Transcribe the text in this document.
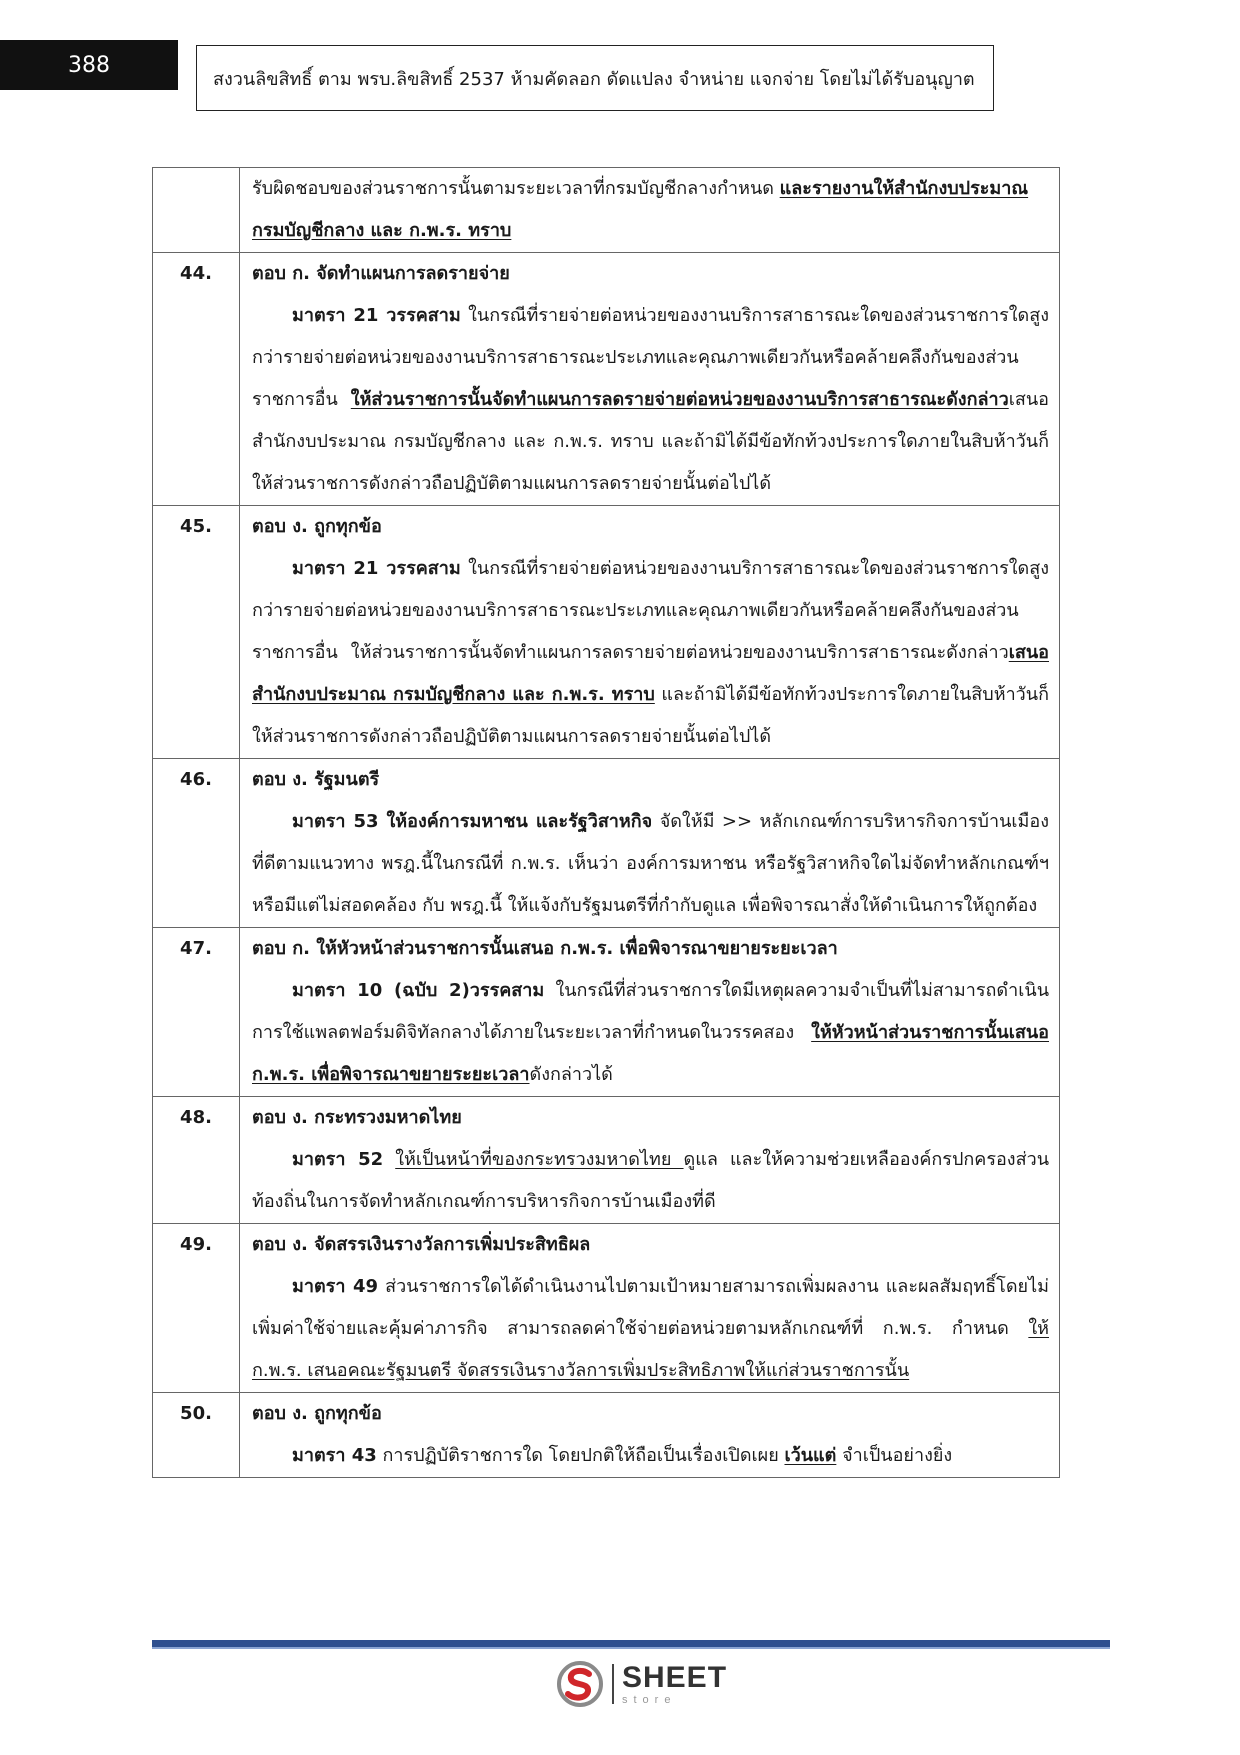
388
สงวนลิขสิทธิ์ ตาม พรบ.ลิขสิทธิ์ 2537 ห้ามคัดลอก ดัดแปลง จำหน่าย แจกจ่าย โดยไม่ได้รับอนุญาต

	รับผิดชอบของส่วนราชการนั้นตามระยะเวลาที่กรมบัญชีกลางกำหนด และรายงานให้สำนักงบประมาณ กรมบัญชีกลาง และ ก.พ.ร. ทราบ

44.	ตอบ ก. จัดทำแผนการลดรายจ่าย
มาตรา 21 วรรคสาม ในกรณีที่รายจ่ายต่อหน่วยของงานบริการสาธารณะใดของส่วนราชการใดสูงกว่ารายจ่ายต่อหน่วยของงานบริการสาธารณะประเภทและคุณภาพเดียวกันหรือคล้ายคลึงกันของส่วนราชการอื่น ให้ส่วนราชการนั้นจัดทำแผนการลดรายจ่ายต่อหน่วยของงานบริการสาธารณะดังกล่าวเสนอสำนักงบประมาณ กรมบัญชีกลาง และ ก.พ.ร. ทราบ และถ้ามิได้มีข้อทักท้วงประการใดภายในสิบห้าวันก็ให้ส่วนราชการดังกล่าวถือปฏิบัติตามแผนการลดรายจ่ายนั้นต่อไปได้

45.	ตอบ ง. ถูกทุกข้อ
มาตรา 21 วรรคสาม ในกรณีที่รายจ่ายต่อหน่วยของงานบริการสาธารณะใดของส่วนราชการใดสูงกว่ารายจ่ายต่อหน่วยของงานบริการสาธารณะประเภทและคุณภาพเดียวกันหรือคล้ายคลึงกันของส่วนราชการอื่น ให้ส่วนราชการนั้นจัดทำแผนการลดรายจ่ายต่อหน่วยของงานบริการสาธารณะดังกล่าวเสนอสำนักงบประมาณ กรมบัญชีกลาง และ ก.พ.ร. ทราบ และถ้ามิได้มีข้อทักท้วงประการใดภายในสิบห้าวันก็ให้ส่วนราชการดังกล่าวถือปฏิบัติตามแผนการลดรายจ่ายนั้นต่อไปได้

46.	ตอบ ง. รัฐมนตรี
มาตรา 53 ให้องค์การมหาชน และรัฐวิสาหกิจ จัดให้มี >> หลักเกณฑ์การบริหารกิจการบ้านเมืองที่ดีตามแนวทาง พรฎ.นี้ในกรณีที่ ก.พ.ร. เห็นว่า องค์การมหาชน หรือรัฐวิสาหกิจใดไม่จัดทำหลักเกณฑ์ฯ หรือมีแต่ไม่สอดคล้อง กับ พรฎ.นี้ ให้แจ้งกับรัฐมนตรีที่กำกับดูแล เพื่อพิจารณาสั่งให้ดำเนินการให้ถูกต้อง

47.	ตอบ ก. ให้หัวหน้าส่วนราชการนั้นเสนอ ก.พ.ร. เพื่อพิจารณาขยายระยะเวลา
มาตรา 10 (ฉบับ 2)วรรคสาม ในกรณีที่ส่วนราชการใดมีเหตุผลความจำเป็นที่ไม่สามารถดำเนินการใช้แพลตฟอร์มดิจิทัลกลางได้ภายในระยะเวลาที่กำหนดในวรรคสอง ให้หัวหน้าส่วนราชการนั้นเสนอ ก.พ.ร. เพื่อพิจารณาขยายระยะเวลาดังกล่าวได้

48.	ตอบ ง. กระทรวงมหาดไทย
มาตรา 52 ให้เป็นหน้าที่ของกระทรวงมหาดไทย ดูแล และให้ความช่วยเหลือองค์กรปกครองส่วนท้องถิ่นในการจัดทำหลักเกณฑ์การบริหารกิจการบ้านเมืองที่ดี

49.	ตอบ ง. จัดสรรเงินรางวัลการเพิ่มประสิทธิผล
มาตรา 49 ส่วนราชการใดได้ดำเนินงานไปตามเป้าหมายสามารถเพิ่มผลงาน และผลสัมฤทธิ์โดยไม่เพิ่มค่าใช้จ่ายและคุ้มค่าภารกิจ สามารถลดค่าใช้จ่ายต่อหน่วยตามหลักเกณฑ์ที่ ก.พ.ร. กำหนด ให้ ก.พ.ร. เสนอคณะรัฐมนตรี จัดสรรเงินรางวัลการเพิ่มประสิทธิภาพให้แก่ส่วนราชการนั้น

50.	ตอบ ง. ถูกทุกข้อ
มาตรา 43 การปฏิบัติราชการใด โดยปกติให้ถือเป็นเรื่องเปิดเผย เว้นแต่ จำเป็นอย่างยิ่ง
SHEET
store
